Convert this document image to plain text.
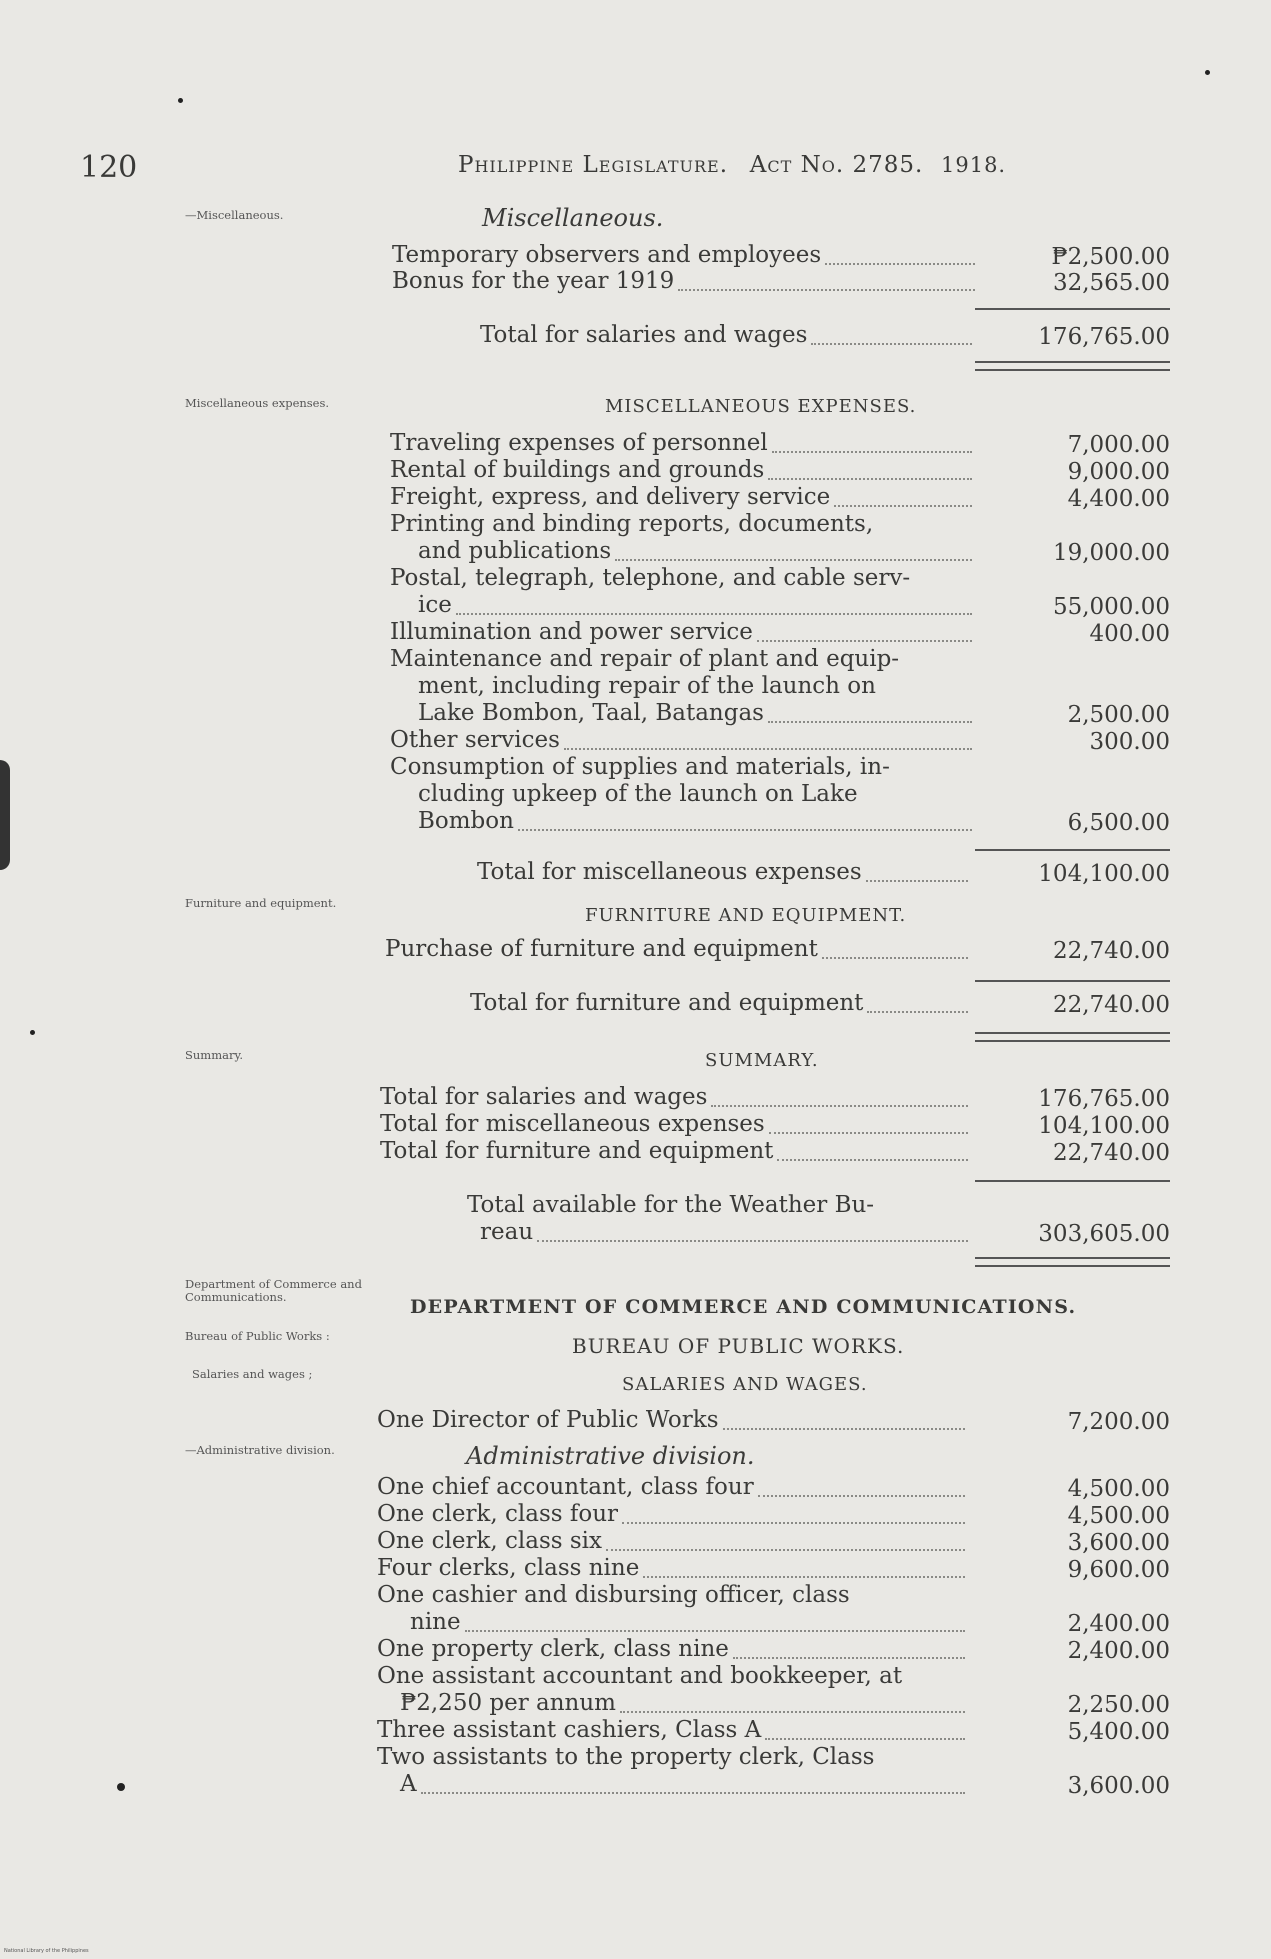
120	Philippine Legislature. Act No. 2785. 1918.
—Miscellaneous.
Miscellaneous expenses.
Furniture and equipment.
Summary.
Department of Commerce and Communications.
Bureau of Public Works :
Salaries and wages ;
—Administrative division.
Miscellaneous.
MISCELLANEOUS EXPENSES.
FURNITURE AND EQUIPMENT.
SUMMARY.
DEPARTMENT OF COMMERCE AND COMMUNICATIONS.
BUREAU OF PUBLIC WORKS.
SALARIES AND WAGES.
Administrative division.
Temporary observers and employees	₱2,500.00
Bonus for the year 1919	32,565.00
Total for salaries and wages	176,765.00
Traveling expenses of personnel	7,000.00
Rental of buildings and grounds	9,000.00
Freight, express, and delivery service	4,400.00
Printing and binding reports, documents,
and publications	19,000.00
Postal, telegraph, telephone, and cable serv-
ice	55,000.00
Illumination and power service	400.00
Maintenance and repair of plant and equip-
ment, including repair of the launch on
Lake Bombon, Taal, Batangas	2,500.00
Other services	300.00
Consumption of supplies and materials, in-
cluding upkeep of the launch on Lake
Bombon	6,500.00
Total for miscellaneous expenses	104,100.00
Purchase of furniture and equipment	22,740.00
Total for furniture and equipment	22,740.00
Total for salaries and wages	176,765.00
Total for miscellaneous expenses	104,100.00
Total for furniture and equipment	22,740.00
Total available for the Weather Bu-
reau	303,605.00
One Director of Public Works	7,200.00
One chief accountant, class four	4,500.00
One clerk, class four	4,500.00
One clerk, class six	3,600.00
Four clerks, class nine	9,600.00
One cashier and disbursing officer, class
nine	2,400.00
One property clerk, class nine	2,400.00
One assistant accountant and bookkeeper, at
₱2,250 per annum	2,250.00
Three assistant cashiers, Class A	5,400.00
Two assistants to the property clerk, Class
A	3,600.00
National Library of the Philippines
